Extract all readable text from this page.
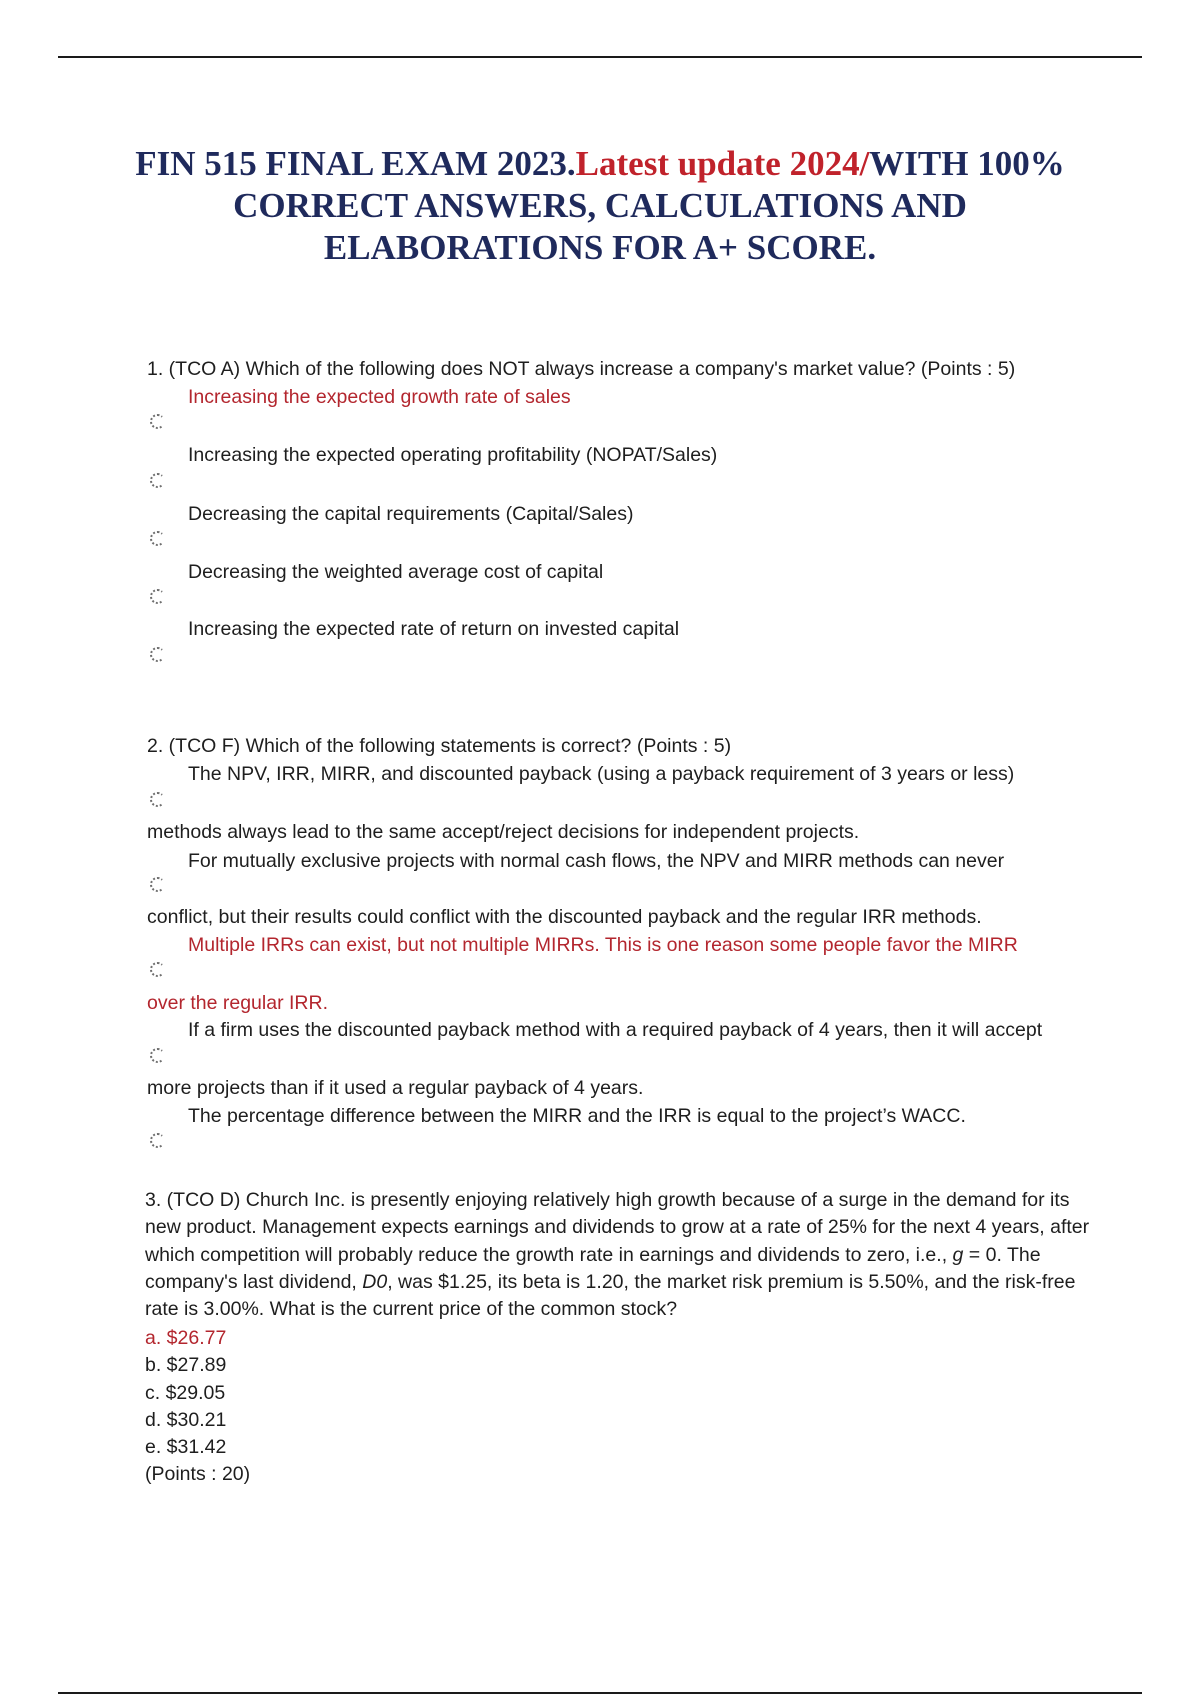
FIN 515 FINAL EXAM 2023.Latest update 2024/WITH 100% CORRECT ANSWERS, CALCULATIONS AND ELABORATIONS FOR A+ SCORE.
1. (TCO A) Which of the following does NOT always increase a company's market value? (Points : 5)
Increasing the expected growth rate of sales
Increasing the expected operating profitability (NOPAT/Sales)
Decreasing the capital requirements (Capital/Sales)
Decreasing the weighted average cost of capital
Increasing the expected rate of return on invested capital
2. (TCO F) Which of the following statements is correct? (Points : 5)
The NPV, IRR, MIRR, and discounted payback (using a payback requirement of 3 years or less)
methods always lead to the same accept/reject decisions for independent projects.
For mutually exclusive projects with normal cash flows, the NPV and MIRR methods can never
conflict, but their results could conflict with the discounted payback and the regular IRR methods.
Multiple IRRs can exist, but not multiple MIRRs. This is one reason some people favor the MIRR
over the regular IRR.
If a firm uses the discounted payback method with a required payback of 4 years, then it will accept
more projects than if it used a regular payback of 4 years.
The percentage difference between the MIRR and the IRR is equal to the project’s WACC.
3. (TCO D) Church Inc. is presently enjoying relatively high growth because of a surge in the demand for its new product. Management expects earnings and dividends to grow at a rate of 25% for the next 4 years, after which competition will probably reduce the growth rate in earnings and dividends to zero, i.e., g = 0. The company's last dividend, D0, was $1.25, its beta is 1.20, the market risk premium is 5.50%, and the risk-free rate is 3.00%. What is the current price of the common stock?
a. $26.77
b. $27.89
c. $29.05
d. $30.21
e. $31.42
(Points : 20)
